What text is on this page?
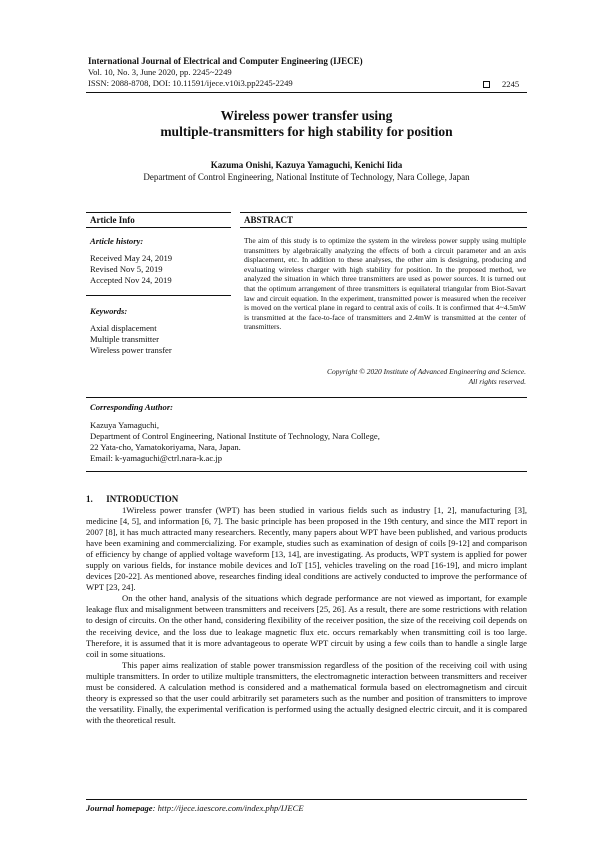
International Journal of Electrical and Computer Engineering (IJECE)
Vol. 10, No. 3, June 2020, pp. 2245~2249
ISSN: 2088-8708, DOI: 10.11591/ijece.v10i3.pp2245-2249	2245
Wireless power transfer using
multiple-transmitters for high stability for position
Kazuma Onishi, Kazuya Yamaguchi, Kenichi Iida
Department of Control Engineering, National Institute of Technology, Nara College, Japan
Article Info	ABSTRACT
Article history:
Received May 24, 2019
Revised Nov 5, 2019
Accepted Nov 24, 2019
Keywords:
Axial displacement
Multiple transmitter
Wireless power transfer
The aim of this study is to optimize the system in the wireless power supply using multiple transmitters by algebraically analyzing the effects of both a circuit parameter and an axis displacement, etc. In addition to these analyses, the other aim is designing, producing and evaluating wireless charger with high stability for position. In the proposed method, we analyzed the situation in which three transmitters are used as power sources. It is turned out that the optimum arrangement of three transmitters is equilateral triangular from Biot-Savart law and circuit equation. In the experiment, transmitted power is measured when the receiver is moved on the vertical plane in regard to central axis of coils. It is confirmed that 4~4.5mW is transmitted at the face-to-face of transmitters and 2.4mW is transmitted at the center of transmitters.
Copyright © 2020 Institute of Advanced Engineering and Science.
All rights reserved.
Corresponding Author:
Kazuya Yamaguchi,
Department of Control Engineering, National Institute of Technology, Nara College,
22 Yata-cho, Yamatokoriyama, Nara, Japan.
Email: k-yamaguchi@ctrl.nara-k.ac.jp
1.      INTRODUCTION

1Wireless power transfer (WPT) has been studied in various fields such as industry [1, 2], manufacturing [3], medicine [4, 5], and information [6, 7]. The basic principle has been proposed in the 19th century, and since the MIT report in 2007 [8], it has much attracted many researchers. Recently, many papers about WPT have been published, and various products have been examining and commercializing. For example, studies such as examination of design of coils [9-12] and comparison of efficiency by change of applied voltage waveform [13, 14], are investigating. As products, WPT system is applied for power supply on various fields, for instance mobile devices and IoT [15], vehicles traveling on the road [16-19], and micro implant devices [20-22]. As mentioned above, researches finding ideal conditions are actively conducted to improve the performance of WPT [23, 24].

On the other hand, analysis of the situations which degrade performance are not viewed as important, for example leakage flux and misalignment between transmitters and receivers [25, 26]. As a result, there are some restrictions with relation to design of circuits. On the other hand, considering flexibility of the receiver position, the size of the receiving coil depends on the receiving device, and the loss due to leakage magnetic flux etc. occurs remarkably when transmitting coil is too large. Therefore, it is assumed that it is more advantageous to operate WPT circuit by using a few coils than to handle a single large coil in some situations.

This paper aims realization of stable power transmission regardless of the position of the receiving coil with using multiple transmitters. In order to utilize multiple transmitters, the electromagnetic interaction between transmitters and receiver must be considered. A calculation method is considered and a mathematical formula based on electromagnetism and circuit theory is expressed so that the user could arbitrarily set parameters such as the number and position of transmitters to improve the versatility. Finally, the experimental verification is performed using the actually designed electric circuit, and it is compared with the theoretical result.

Journal homepage: http://ijece.iaescore.com/index.php/IJECE
